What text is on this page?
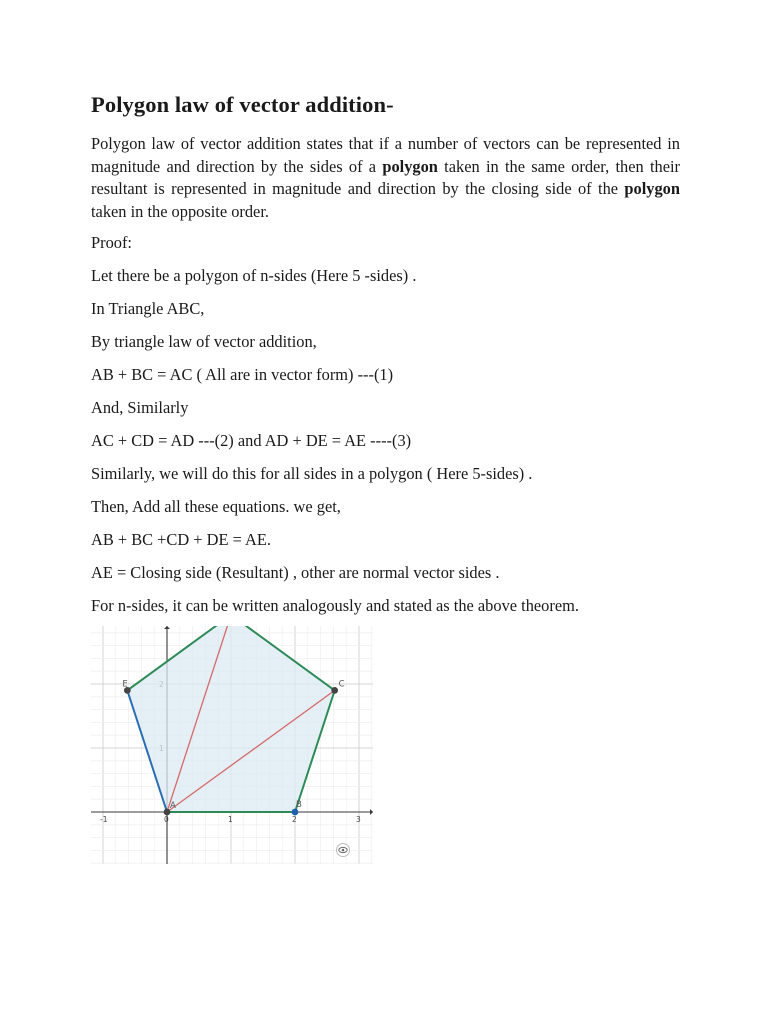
Polygon law of vector addition-

Polygon law of vector addition states that if a number of vectors can be represented in magnitude and direction by the sides of a polygon taken in the same order, then their resultant is represented in magnitude and direction by the closing side of the polygon taken in the opposite order.

Proof:

Let there be a polygon of n-sides (Here 5 -sides) .

In Triangle ABC,

By triangle law of vector addition,

AB + BC = AC ( All are in vector form) ---(1)

And, Similarly

AC + CD = AD ---(2) and AD + DE = AE ----(3)

Similarly, we will do this for all sides in a polygon ( Here 5-sides) .

Then, Add all these equations. we get,

AB + BC +CD + DE = AE.

AE = Closing side (Resultant) , other are normal vector sides .

For n-sides, it can be written analogously and stated as the above theorem.

-1	0	1	2	3
A	B
C
E
